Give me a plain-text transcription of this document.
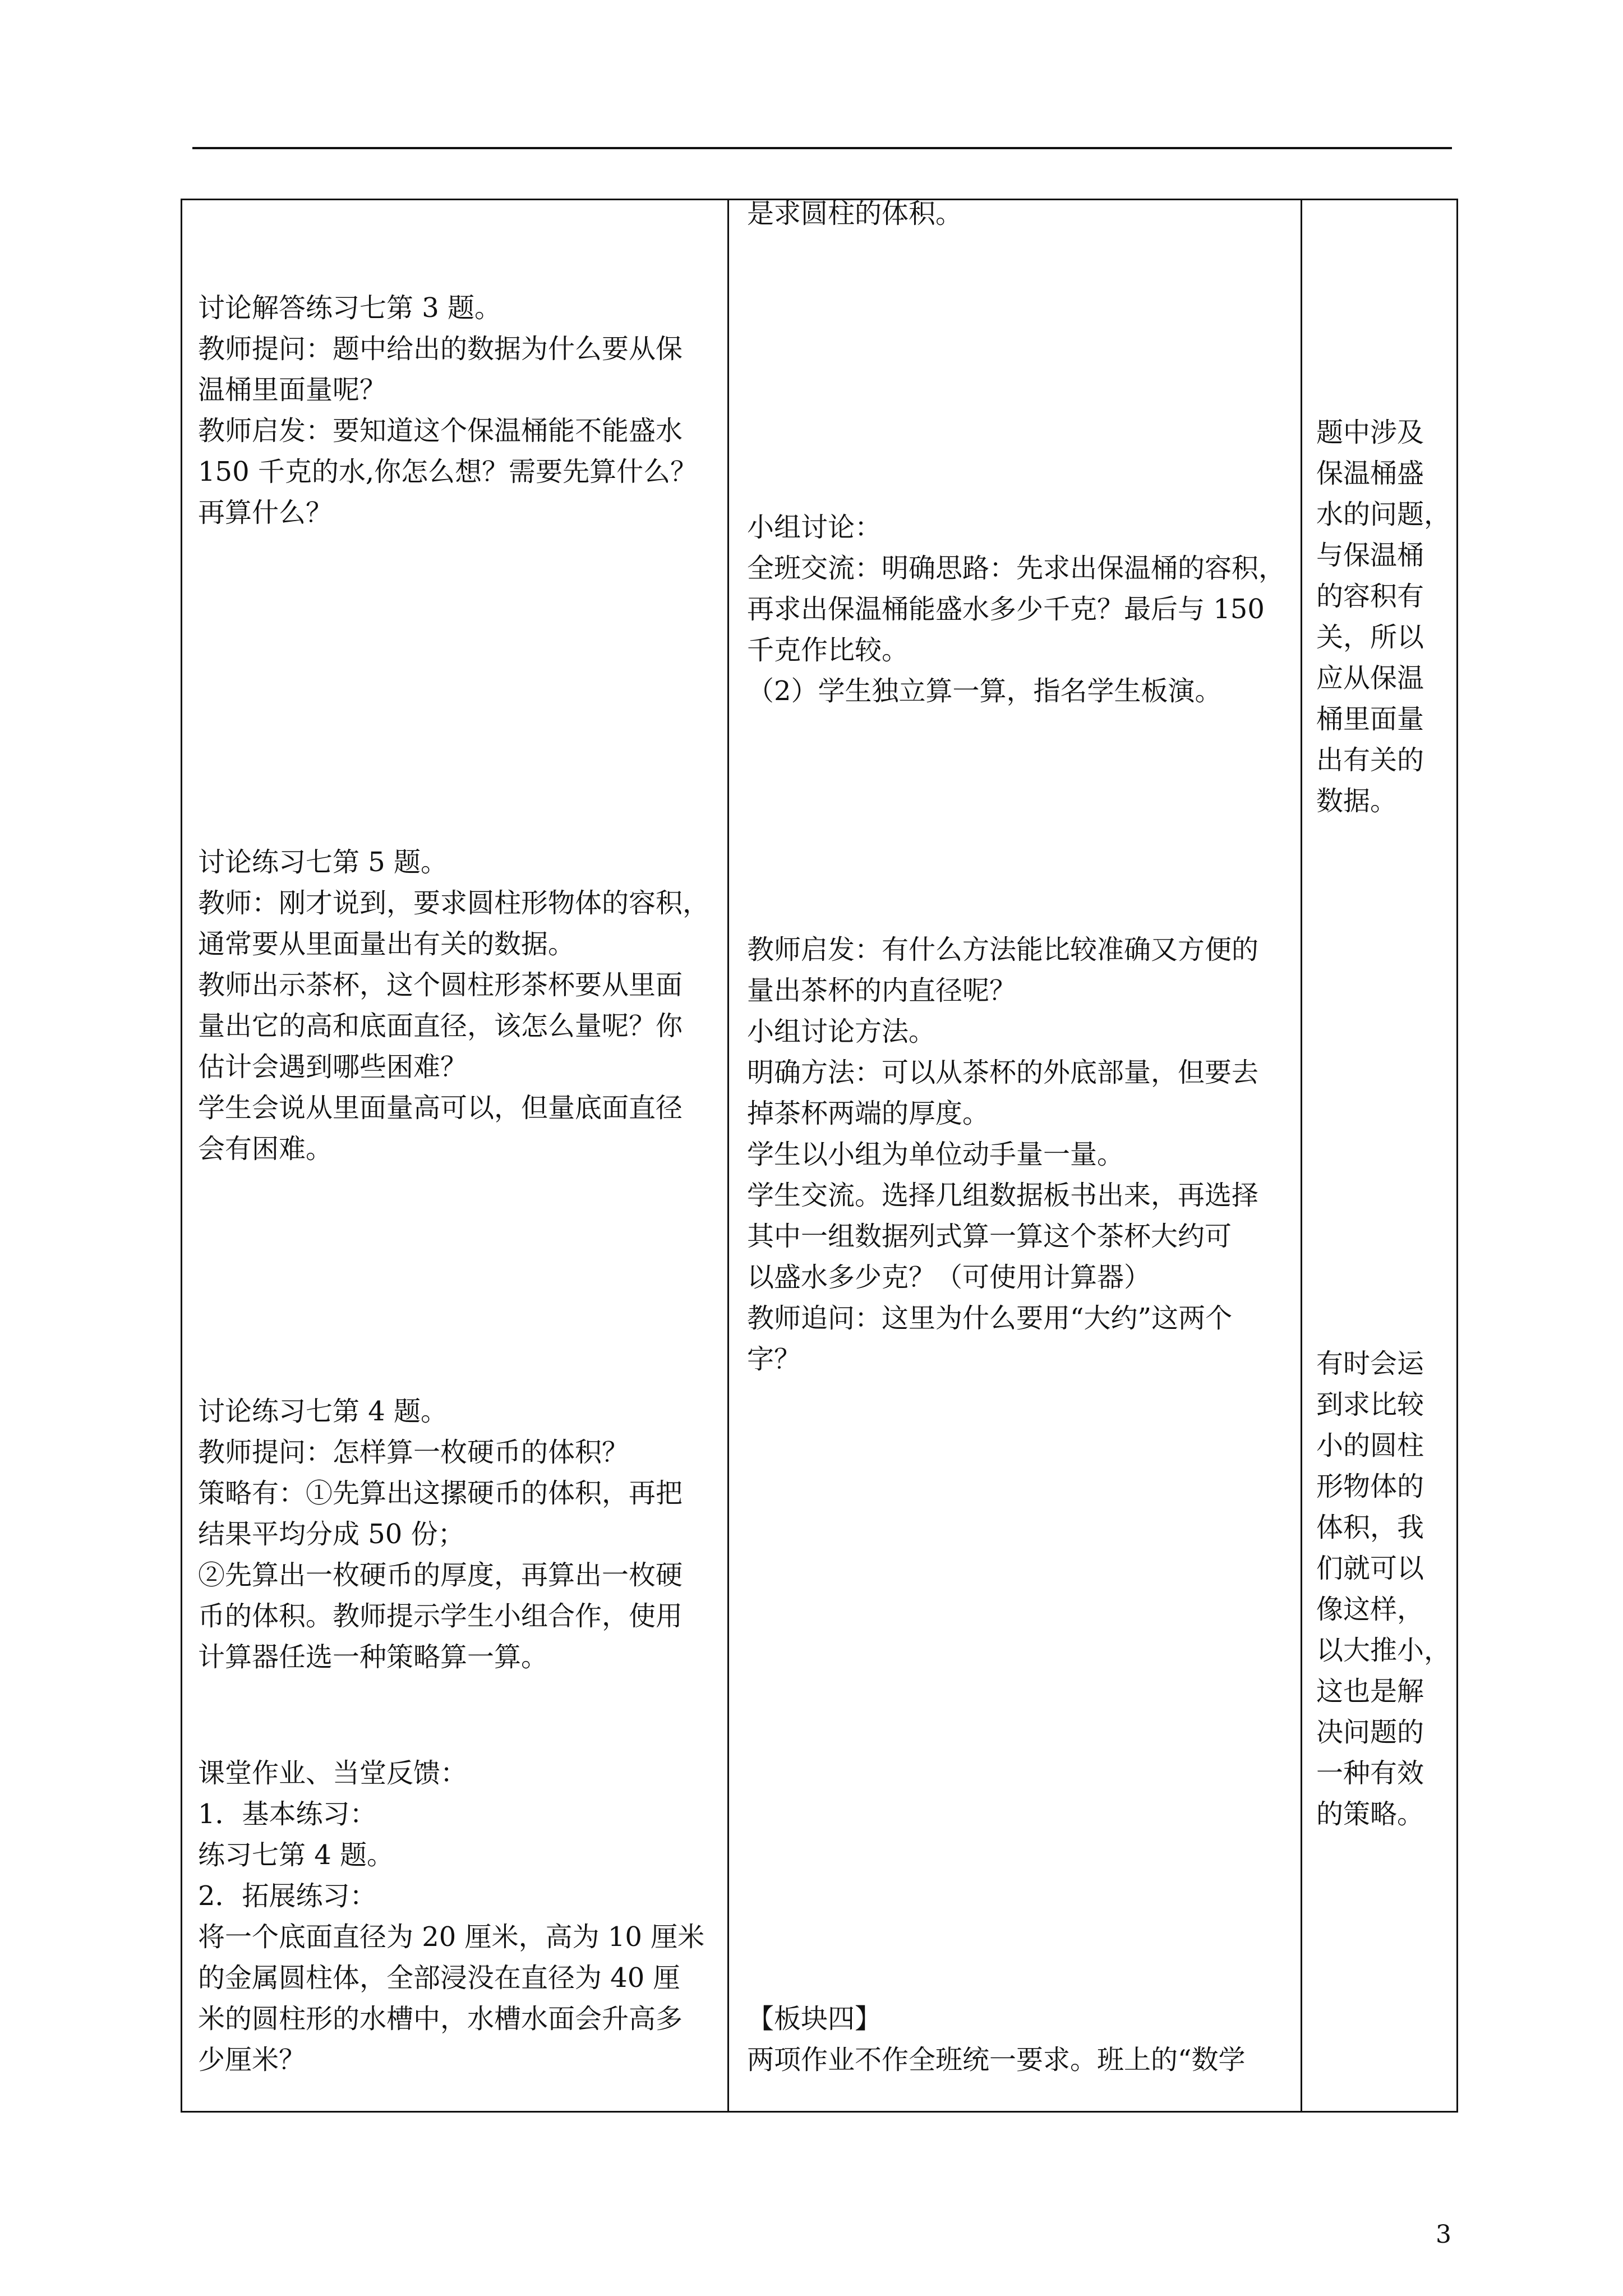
讨论解答练习七第 3 题。
教师提问：题中给出的数据为什么要从保
温桶里面量呢？
教师启发：要知道这个保温桶能不能盛水
150 千克的水,你怎么想？需要先算什么？
再算什么？
讨论练习七第 5 题。
教师：刚才说到，要求圆柱形物体的容积，
通常要从里面量出有关的数据。
教师出示茶杯，这个圆柱形茶杯要从里面
量出它的高和底面直径，该怎么量呢？你
估计会遇到哪些困难？
学生会说从里面量高可以，但量底面直径
会有困难。
讨论练习七第 4 题。
教师提问：怎样算一枚硬币的体积？
策略有：①先算出这摞硬币的体积，再把
结果平均分成 50 份；
②先算出一枚硬币的厚度，再算出一枚硬
币的体积。教师提示学生小组合作，使用
计算器任选一种策略算一算。
课堂作业、当堂反馈：
1．基本练习：
练习七第 4 题。
2．拓展练习：
将一个底面直径为 20 厘米，高为 10 厘米
的金属圆柱体，全部浸没在直径为 40 厘
米的圆柱形的水槽中，水槽水面会升高多
少厘米？
是求圆柱的体积。
小组讨论：
全班交流：明确思路：先求出保温桶的容积，
再求出保温桶能盛水多少千克？最后与 150
千克作比较。
（2）学生独立算一算，指名学生板演。
教师启发：有什么方法能比较准确又方便的
量出茶杯的内直径呢？
小组讨论方法。
明确方法：可以从茶杯的外底部量，但要去
掉茶杯两端的厚度。
学生以小组为单位动手量一量。
学生交流。选择几组数据板书出来，再选择
其中一组数据列式算一算这个茶杯大约可
以盛水多少克？（可使用计算器）
教师追问：这里为什么要用“大约”这两个
字？
【板块四】
两项作业不作全班统一要求。班上的“数学
题中涉及
保温桶盛
水的问题，
与保温桶
的容积有
关，所以
应从保温
桶里面量
出有关的
数据。
有时会运
到求比较
小的圆柱
形物体的
体积，我
们就可以
像这样，
以大推小，
这也是解
决问题的
一种有效
的策略。
3
